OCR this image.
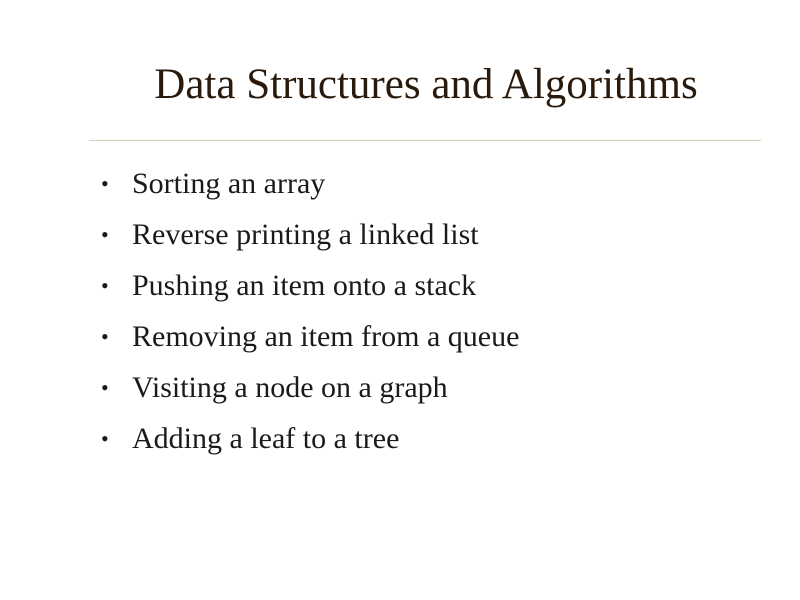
Data Structures and Algorithms
• Sorting an array
• Reverse printing a linked list
• Pushing an item onto a stack
• Removing an item from a queue
• Visiting a node on a graph
• Adding a leaf to a tree
